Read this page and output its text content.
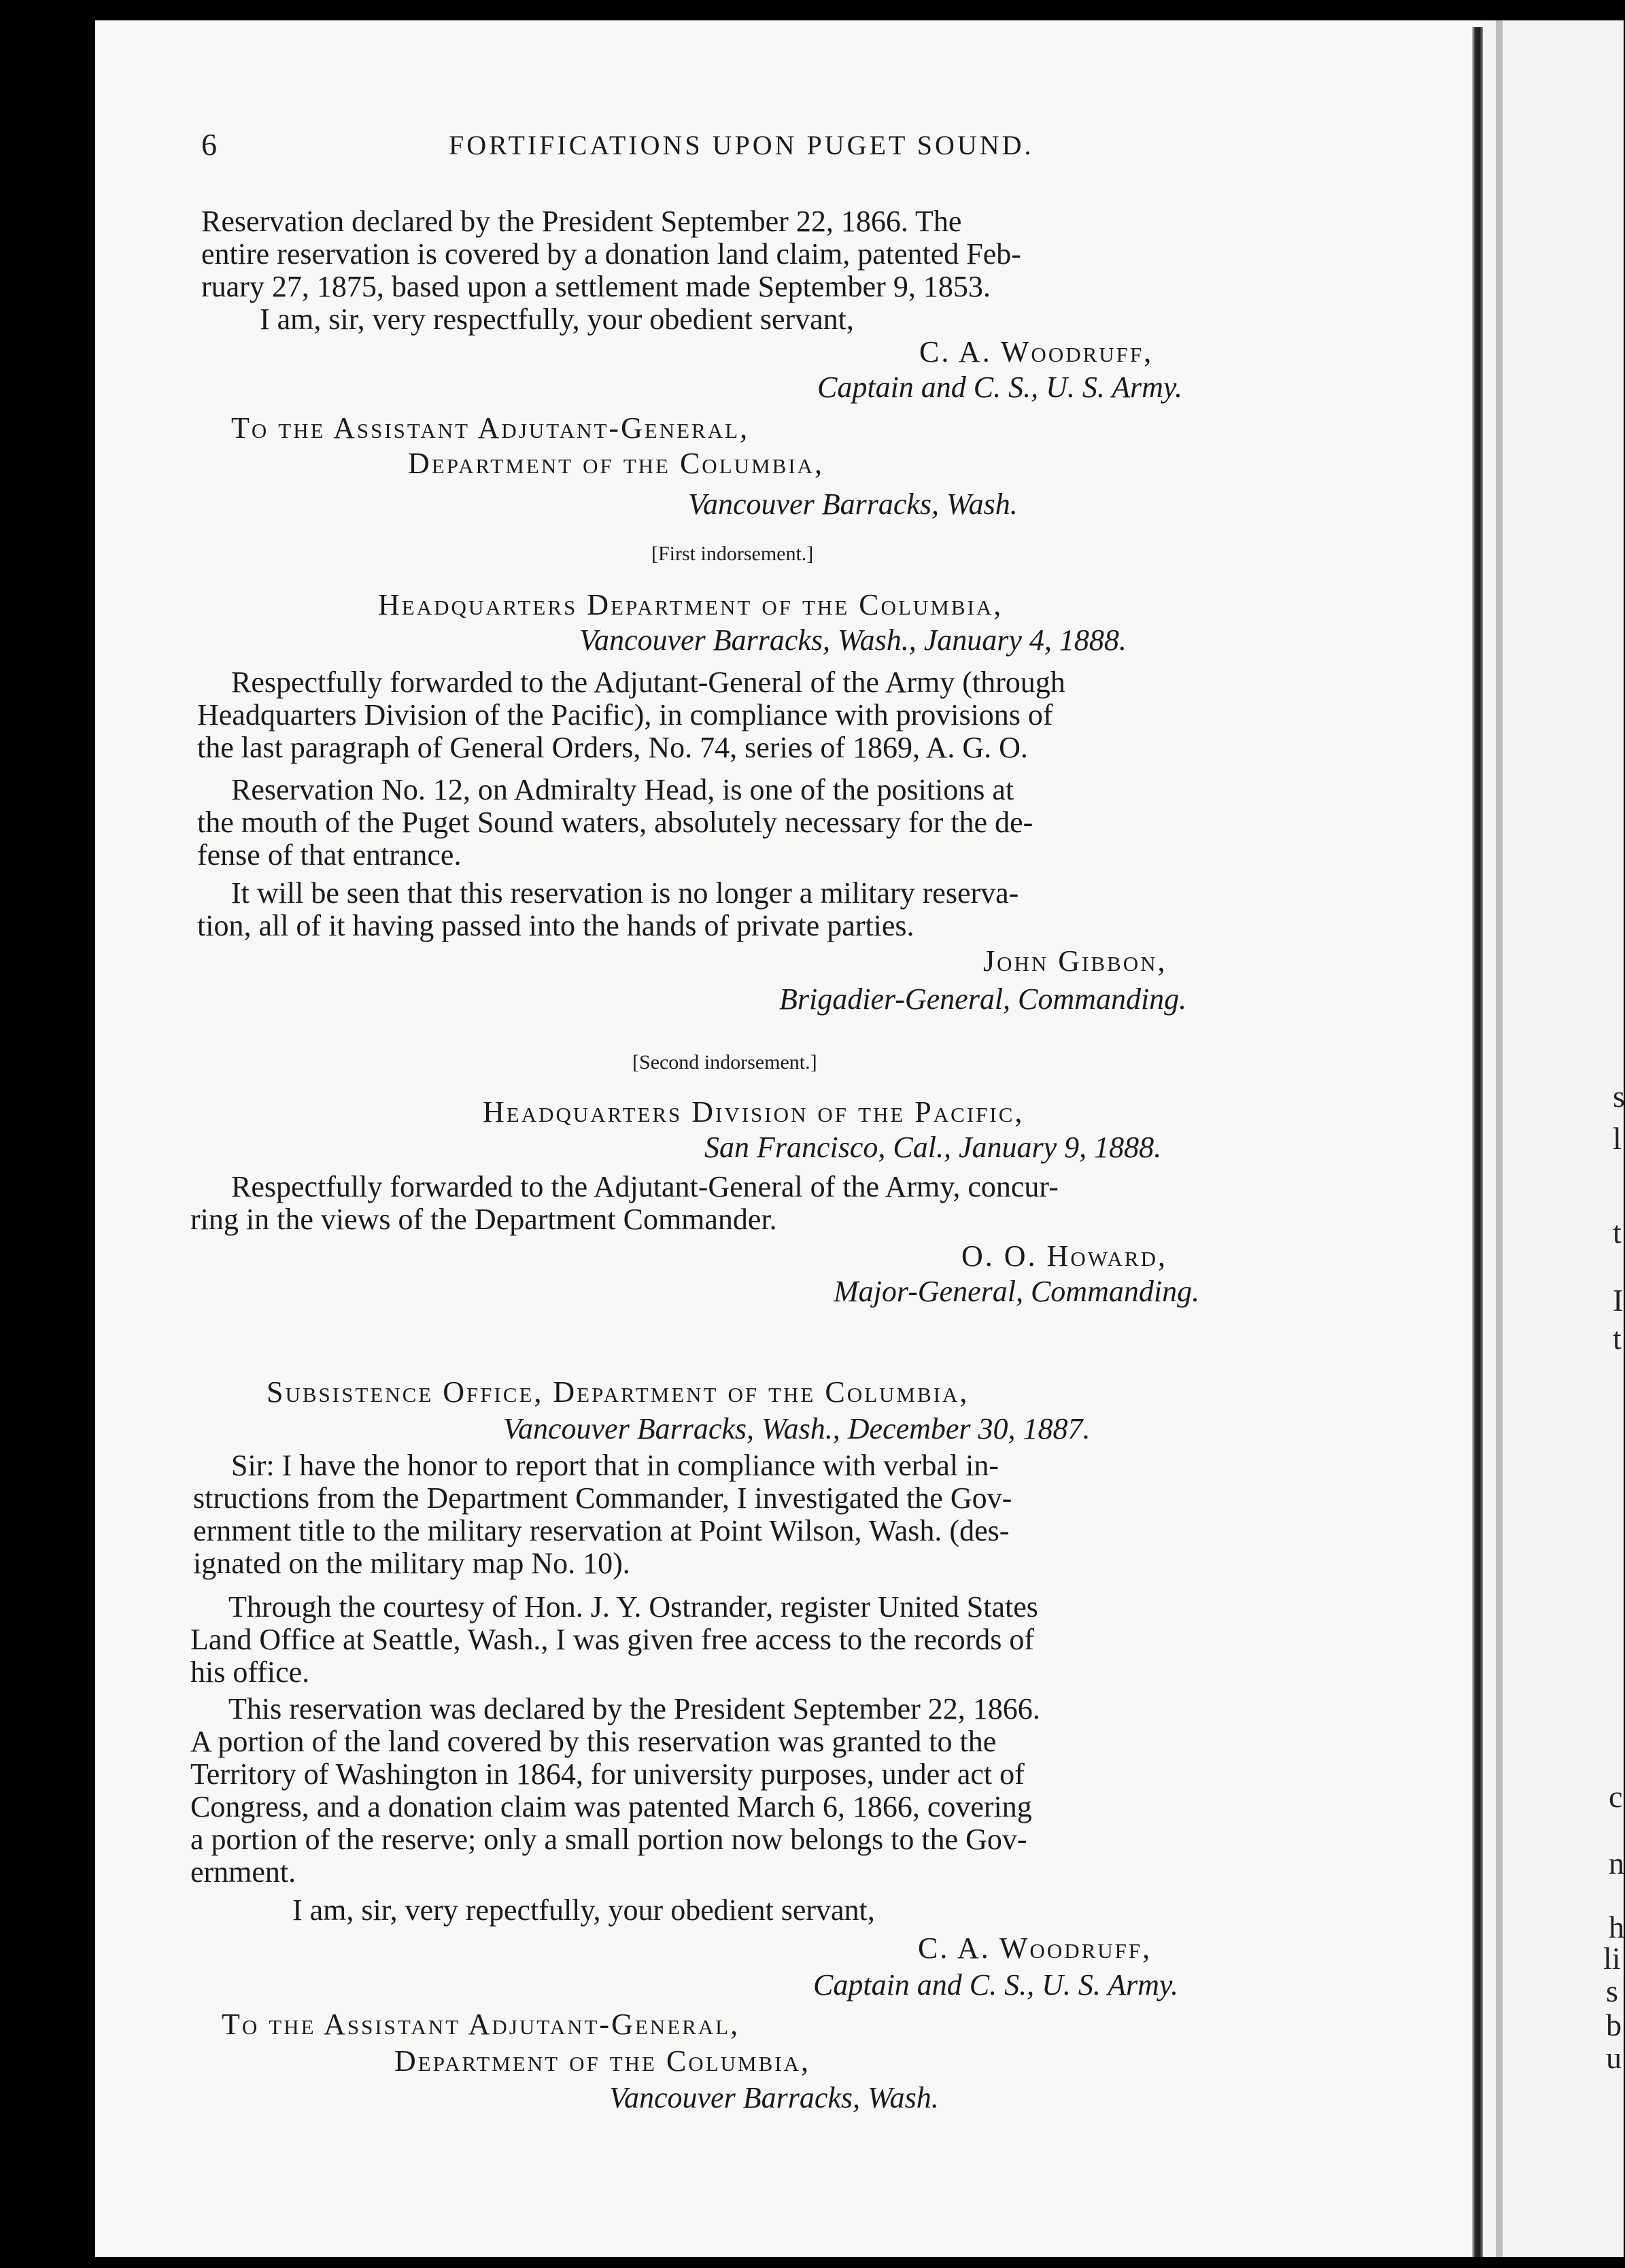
6	FORTIFICATIONS UPON PUGET SOUND.
Reservation declared by the President September 22, 1866. The
entire reservation is covered by a donation land claim, patented Feb-
ruary 27, 1875, based upon a settlement made September 9, 1853.
I am, sir, very respectfully, your obedient servant,
C. A. Woodruff,
Captain and C. S., U. S. Army.
To the Assistant Adjutant-General,
Department of the Columbia,
Vancouver Barracks, Wash.
[First indorsement.]
Headquarters Department of the Columbia,
Vancouver Barracks, Wash., January 4, 1888.
Respectfully forwarded to the Adjutant-General of the Army (through
Headquarters Division of the Pacific), in compliance with provisions of
the last paragraph of General Orders, No. 74, series of 1869, A. G. O.
Reservation No. 12, on Admiralty Head, is one of the positions at
the mouth of the Puget Sound waters, absolutely necessary for the de-
fense of that entrance.
It will be seen that this reservation is no longer a military reserva-
tion, all of it having passed into the hands of private parties.
John Gibbon,
Brigadier-General, Commanding.
[Second indorsement.]
Headquarters Division of the Pacific,
San Francisco, Cal., January 9, 1888.
Respectfully forwarded to the Adjutant-General of the Army, concur-
ring in the views of the Department Commander.
O. O. Howard,
Major-General, Commanding.
Subsistence Office, Department of the Columbia,
Vancouver Barracks, Wash., December 30, 1887.
Sir: I have the honor to report that in compliance with verbal in-
structions from the Department Commander, I investigated the Gov-
ernment title to the military reservation at Point Wilson, Wash. (des-
ignated on the military map No. 10).
Through the courtesy of Hon. J. Y. Ostrander, register United States
Land Office at Seattle, Wash., I was given free access to the records of
his office.
This reservation was declared by the President September 22, 1866.
A portion of the land covered by this reservation was granted to the
Territory of Washington in 1864, for university purposes, under act of
Congress, and a donation claim was patented March 6, 1866, covering
a portion of the reserve; only a small portion now belongs to the Gov-
ernment.
I am, sir, very repectfully, your obedient servant,
C. A. Woodruff,
Captain and C. S., U. S. Army.
To the Assistant Adjutant-General,
Department of the Columbia,
Vancouver Barracks, Wash.
s
l
t
I
t
c
n
h
li
s
b
u
